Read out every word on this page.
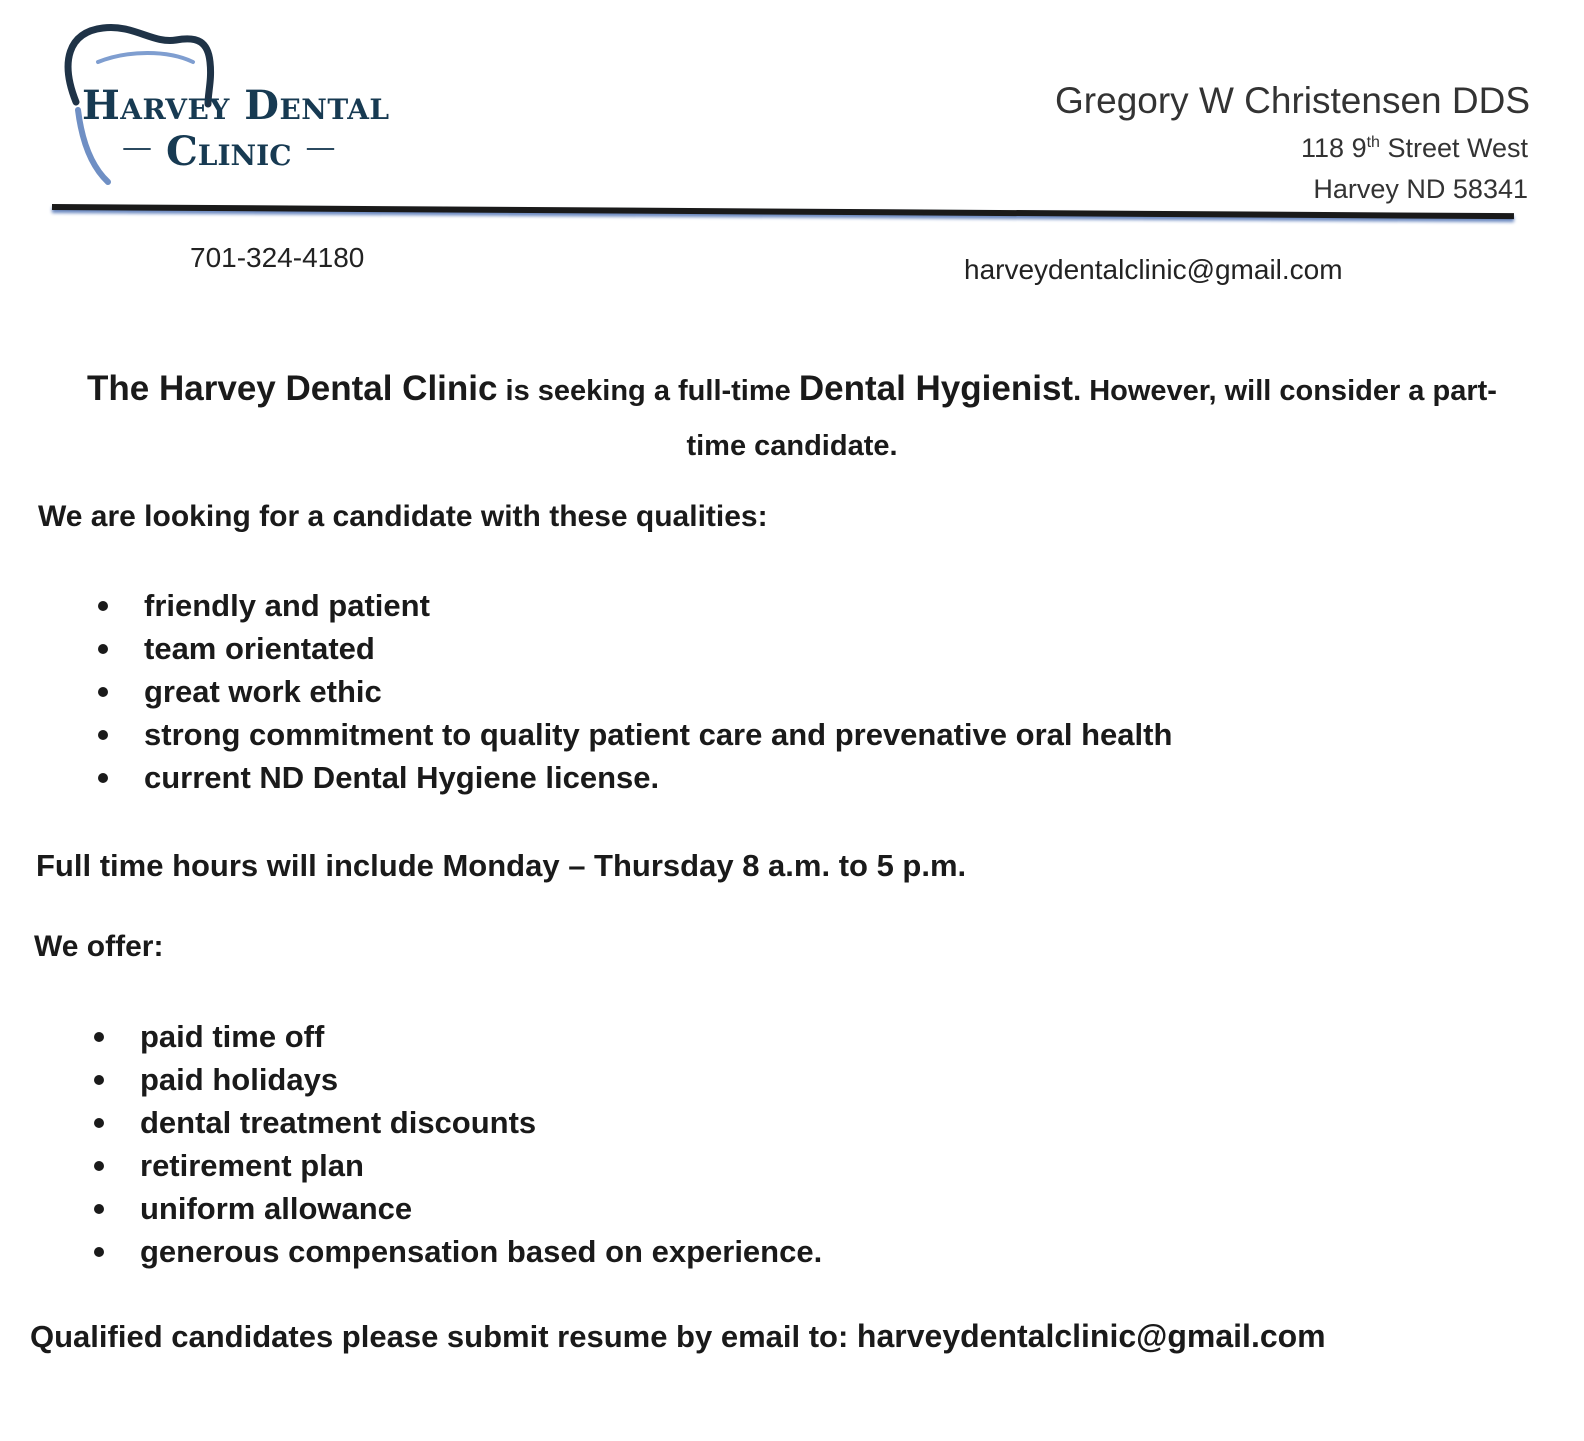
Harvey Dental
— Clinic —
Gregory W Christensen DDS
118 9th Street West
Harvey ND 58341
701-324-4180	harveydentalclinic@gmail.com
The Harvey Dental Clinic is seeking a full-time Dental Hygienist. However, will consider a part-time candidate.
We are looking for a candidate with these qualities:
friendly and patient
team orientated
great work ethic
strong commitment to quality patient care and prevenative oral health
current ND Dental Hygiene license.
Full time hours will include Monday – Thursday 8 a.m. to 5 p.m.
We offer:
paid time off
paid holidays
dental treatment discounts
retirement plan
uniform allowance
generous compensation based on experience.
Qualified candidates please submit resume by email to: harveydentalclinic@gmail.com
